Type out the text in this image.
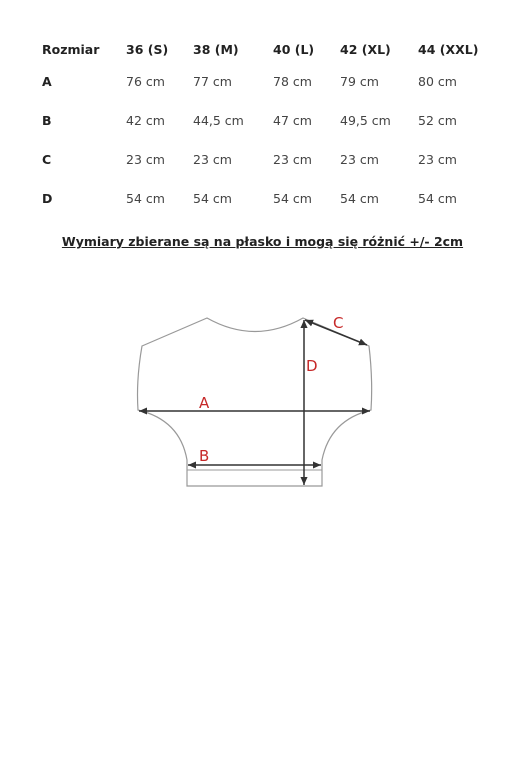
Rozmiar	36 (S)	38 (M)	40 (L)	42 (XL)	44 (XXL)
A	76 cm	77 cm	78 cm	79 cm	80 cm
B	42 cm	44,5 cm	47 cm	49,5 cm	52 cm
C	23 cm	23 cm	23 cm	23 cm	23 cm
D	54 cm	54 cm	54 cm	54 cm	54 cm
Wymiary zbierane są na płasko i mogą się różnić +/- 2cm
A
B
C
D
